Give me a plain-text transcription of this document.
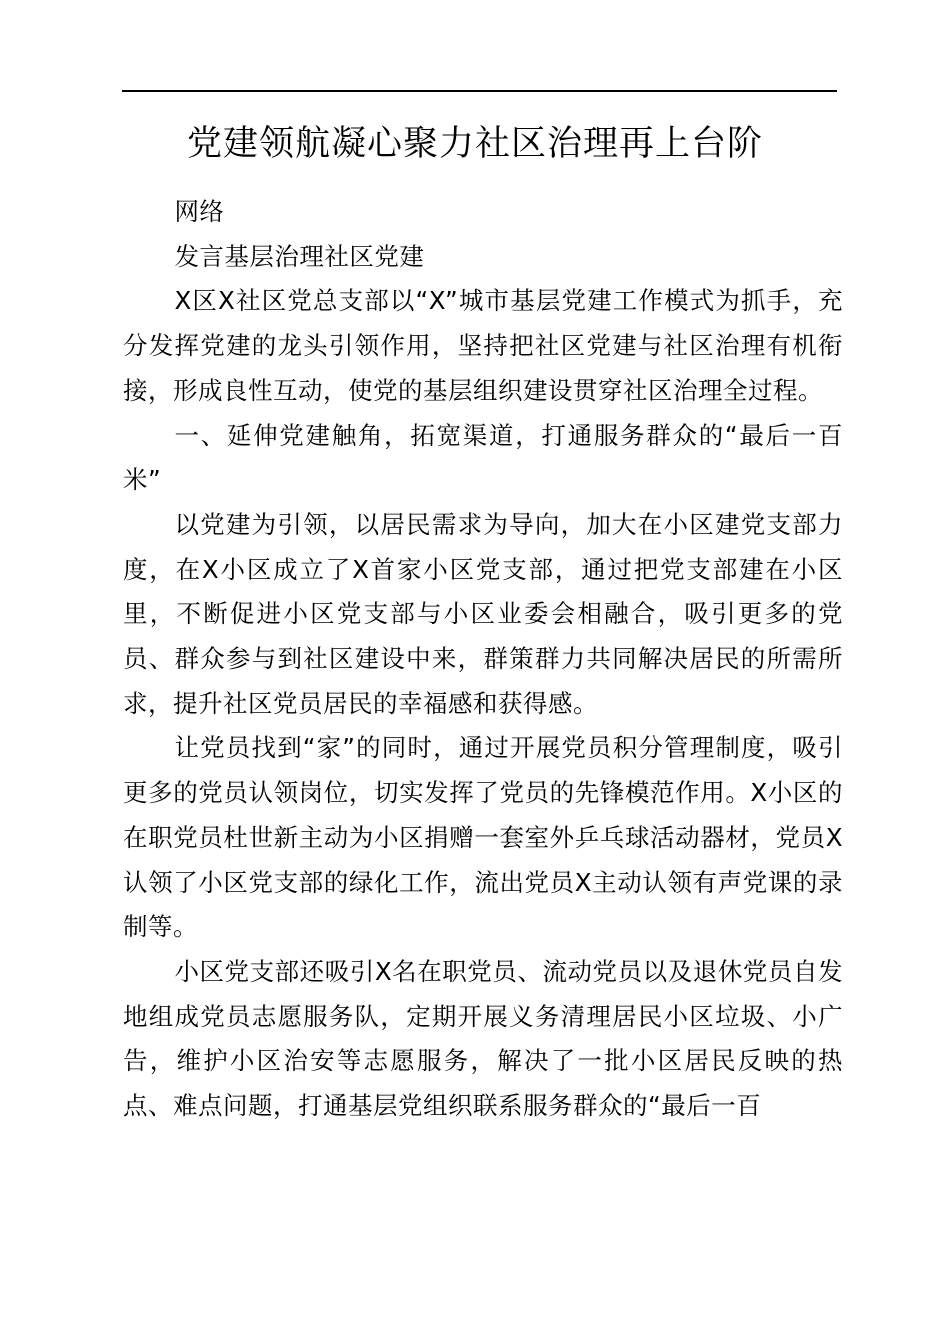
党建领航凝心聚力社区治理再上台阶

网络

发言基层治理社区党建

X区X社区党总支部以“X”城市基层党建工作模式为抓手，充分发挥党建的龙头引领作用，坚持把社区党建与社区治理有机衔接，形成良性互动，使党的基层组织建设贯穿社区治理全过程。

一、延伸党建触角，拓宽渠道，打通服务群众的“最后一百米”

以党建为引领，以居民需求为导向，加大在小区建党支部力度，在X小区成立了X首家小区党支部，通过把党支部建在小区里，不断促进小区党支部与小区业委会相融合，吸引更多的党员、群众参与到社区建设中来，群策群力共同解决居民的所需所求，提升社区党员居民的幸福感和获得感。

让党员找到“家”的同时，通过开展党员积分管理制度，吸引更多的党员认领岗位，切实发挥了党员的先锋模范作用。X小区的在职党员杜世新主动为小区捐赠一套室外乒乓球活动器材，党员X认领了小区党支部的绿化工作，流出党员X主动认领有声党课的录制等。

小区党支部还吸引X名在职党员、流动党员以及退休党员自发地组成党员志愿服务队，定期开展义务清理居民小区垃圾、小广告，维护小区治安等志愿服务，解决了一批小区居民反映的热点、难点问题，打通基层党组织联系服务群众的“最后一百
